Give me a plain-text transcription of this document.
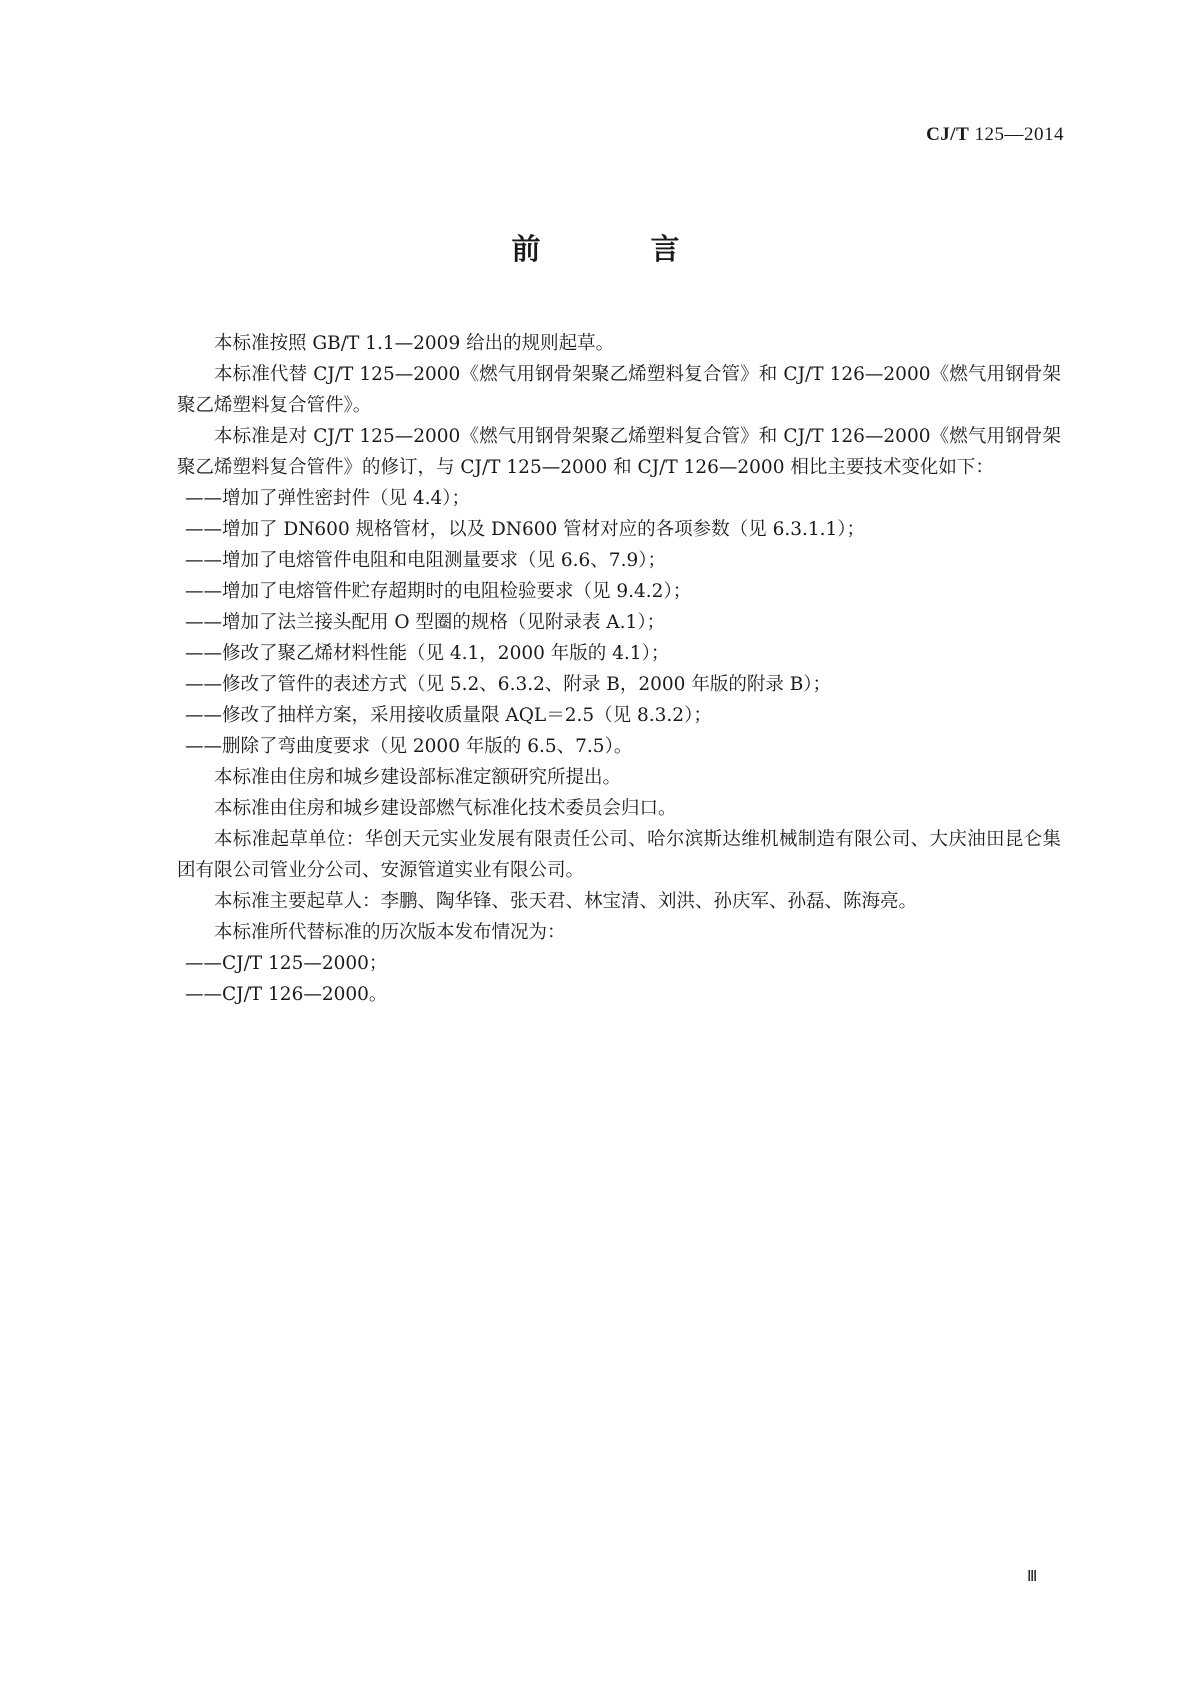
CJ/T 125—2014
前 言

本标准按照 GB/T 1.1—2009 给出的规则起草。

本标准代替 CJ/T 125—2000《燃气用钢骨架聚乙烯塑料复合管》和 CJ/T 126—2000《燃气用钢骨架聚乙烯塑料复合管件》。

本标准是对 CJ/T 125—2000《燃气用钢骨架聚乙烯塑料复合管》和 CJ/T 126—2000《燃气用钢骨架聚乙烯塑料复合管件》的修订，与 CJ/T 125—2000 和 CJ/T 126—2000 相比主要技术变化如下：

——增加了弹性密封件（见 4.4）；

——增加了 DN600 规格管材，以及 DN600 管材对应的各项参数（见 6.3.1.1）；

——增加了电熔管件电阻和电阻测量要求（见 6.6、7.9）；

——增加了电熔管件贮存超期时的电阻检验要求（见 9.4.2）；

——增加了法兰接头配用 O 型圈的规格（见附录表 A.1）；

——修改了聚乙烯材料性能（见 4.1，2000 年版的 4.1）；

——修改了管件的表述方式（见 5.2、6.3.2、附录 B，2000 年版的附录 B）；

——修改了抽样方案，采用接收质量限 AQL＝2.5（见 8.3.2）；

——删除了弯曲度要求（见 2000 年版的 6.5、7.5）。

本标准由住房和城乡建设部标准定额研究所提出。

本标准由住房和城乡建设部燃气标准化技术委员会归口。

本标准起草单位：华创天元实业发展有限责任公司、哈尔滨斯达维机械制造有限公司、大庆油田昆仑集团有限公司管业分公司、安源管道实业有限公司。

本标准主要起草人：李鹏、陶华锋、张天君、林宝清、刘洪、孙庆军、孙磊、陈海亮。

本标准所代替标准的历次版本发布情况为：

——CJ/T 125—2000；

——CJ/T 126—2000。

Ⅲ
